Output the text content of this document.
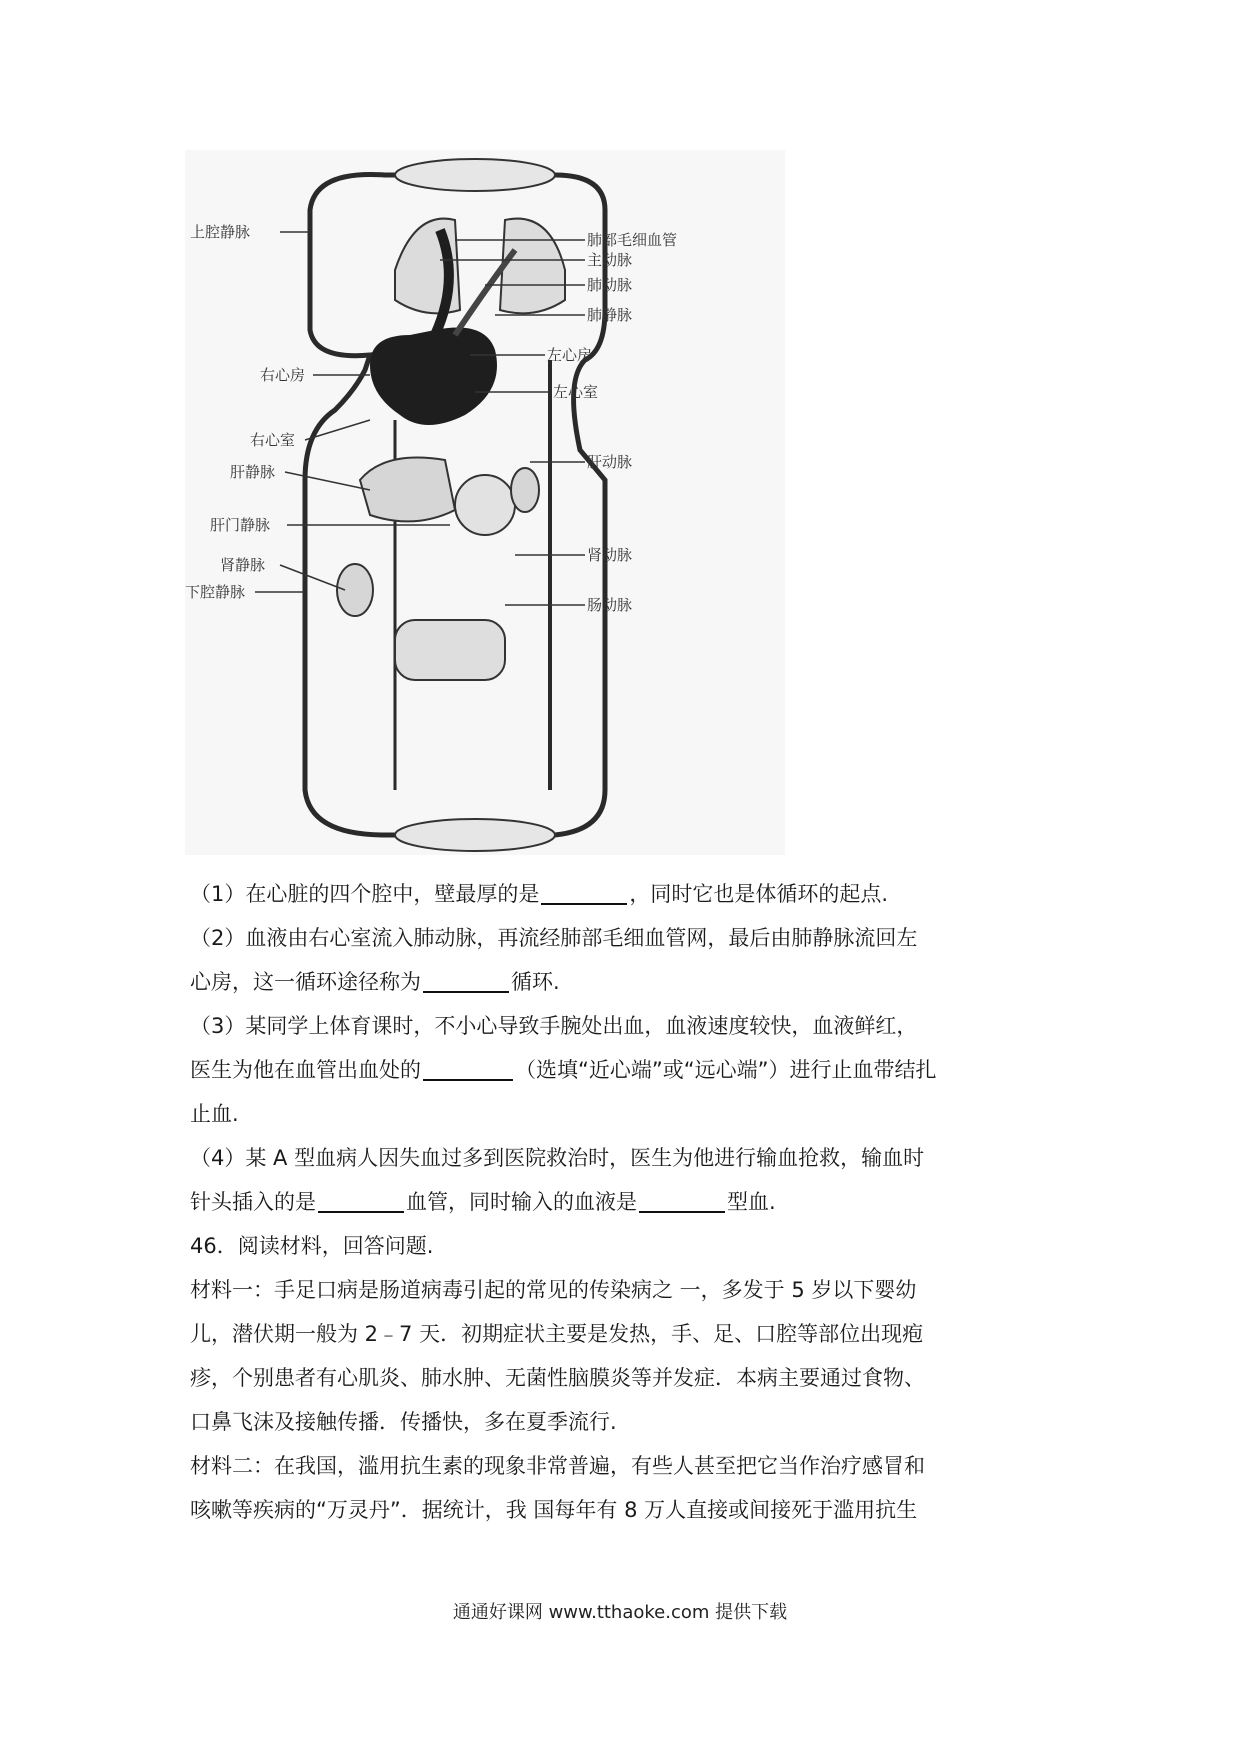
上腔静脉
右心房
右心室
肝静脉
肝门静脉
肾静脉
下腔静脉
肺部毛细血管
主动脉
肺动脉
肺静脉
左心房
左心室
肝动脉
肾动脉
肠动脉
（1）在心脏的四个腔中，壁最厚的是	，同时它也是体循环的起点.
（2）血液由右心室流入肺动脉，再流经肺部毛细血管网，最后由肺静脉流回左
心房，这一循环途径称为	循环.
（3）某同学上体育课时，不小心导致手腕处出血，血液速度较快，血液鲜红，
医生为他在血管出血处的	（选填“近心端”或“远心端”）进行止血带结扎
止血.
（4）某 A 型血病人因失血过多到医院救治时，医生为他进行输血抢救，输血时
针头插入的是	血管，同时输入的血液是	型血.
46．阅读材料，回答问题.
材料一：手足口病是肠道病毒引起的常见的传染病之 一，多发于 5 岁以下婴幼
儿，潜伏期一般为 2﹣7 天．初期症状主要是发热，手、足、口腔等部位出现疱
疹，个别患者有心肌炎、肺水肿、无菌性脑膜炎等并发症．本病主要通过食物、
口鼻飞沫及接触传播．传播快，多在夏季流行.
材料二：在我国，滥用抗生素的现象非常普遍，有些人甚至把它当作治疗感冒和
咳嗽等疾病的“万灵丹”．据统计，我 国每年有 8 万人直接或间接死于滥用抗生
通通好课网 www.tthaoke.com 提供下载
